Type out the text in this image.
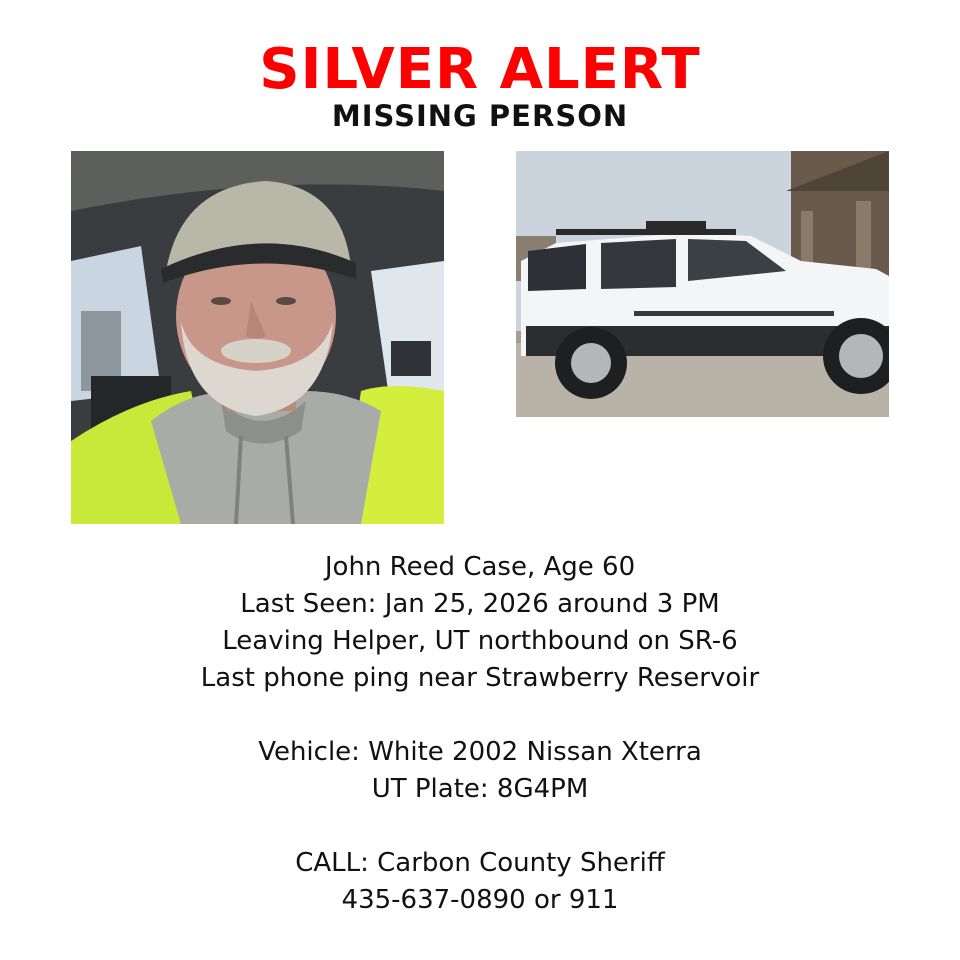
SILVER ALERT
MISSING PERSON
John Reed Case, Age 60
Last Seen: Jan 25, 2026 around 3 PM
Leaving Helper, UT northbound on SR-6
Last phone ping near Strawberry Reservoir
Vehicle: White 2002 Nissan Xterra
UT Plate: 8G4PM
CALL: Carbon County Sheriff
435-637-0890 or 911
